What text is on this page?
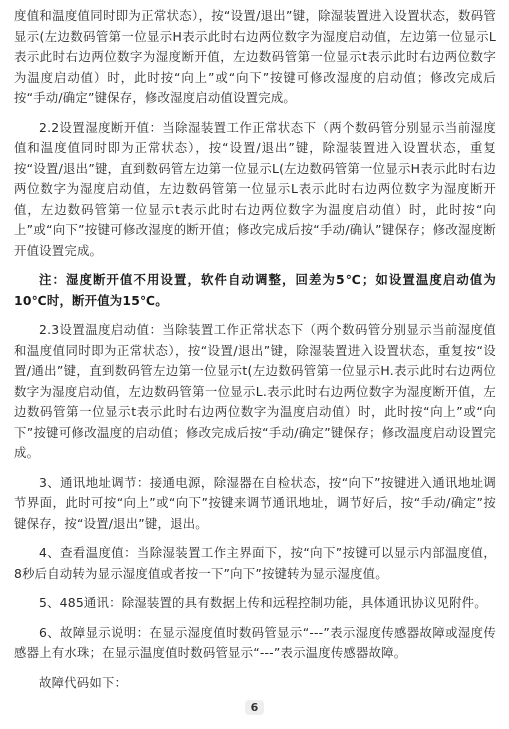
度值和温度值同时即为正常状态），按“设置/退出”键，除湿装置进入设置状态，数码管显示(左边数码管第一位显示H表示此时右边两位数字为湿度启动值，左边第一位显示L表示此时右边两位数字为湿度断开值，左边数码管第一位显示t表示此时右边两位数字为温度启动值）时，此时按“向上”或“向下”按键可修改湿度的启动值；修改完成后按“手动/确定”键保存，修改湿度启动值设置完成。

2.2设置湿度断开值：当除湿装置工作正常状态下（两个数码管分别显示当前湿度值和温度值同时即为正常状态），按“设置/退出”键，除湿装置进入设置状态，重复按“设置/退出”键，直到数码管左边第一位显示L(左边数码管第一位显示H表示此时右边两位数字为湿度启动值，左边数码管第一位显示L表示此时右边两位数字为湿度断开值，左边数码管第一位显示t表示此时右边两位数字为温度启动值）时，此时按“向上”或“向下”按键可修改湿度的断开值；修改完成后按“手动/确认”键保存；修改湿度断开值设置完成。

注：湿度断开值不用设置，软件自动调整，回差为5℃；如设置温度启动值为10℃时，断开值为15℃。

2.3设置温度启动值：当除装置工作正常状态下（两个数码管分别显示当前湿度值和温度值同时即为正常状态），按“设置/退出”键，除湿装置进入设置状态，重复按“设置/通出”键，直到数码管左边第一位显示t(左边数码管第一位显示H.表示此时右边两位数字为湿度启动值，左边数码管第一位显示L.表示此时右边两位数字为湿度断开值，左边数码管第一位显示t表示此时右边两位数字为温度启动值）时，此时按“向上”或“向下”按键可修改温度的启动值；修改完成后按“手动/确定”键保存；修改温度启动设置完成。

3、通讯地址调节：接通电源，除湿器在自检状态，按“向下”按键进入通讯地址调节界面，此时可按“向上”或“向下”按键来调节通讯地址，调节好后，按“手动/确定”按键保存，按“设置/退出”键，退出。

4、查看温度值：当除湿装置工作主界面下，按“向下”按键可以显示内部温度值，8秒后自动转为显示湿度值或者按一下”向下”按键转为显示湿度值。

5、485通讯：除湿装置的具有数据上传和远程控制功能，具体通讯协议见附件。

6、故障显示说明：在显示湿度值时数码管显示“---”表示湿度传感器故障或湿度传感器上有水珠；在显示温度值时数码管显示“---”表示温度传感器故障。

故障代码如下：

6
